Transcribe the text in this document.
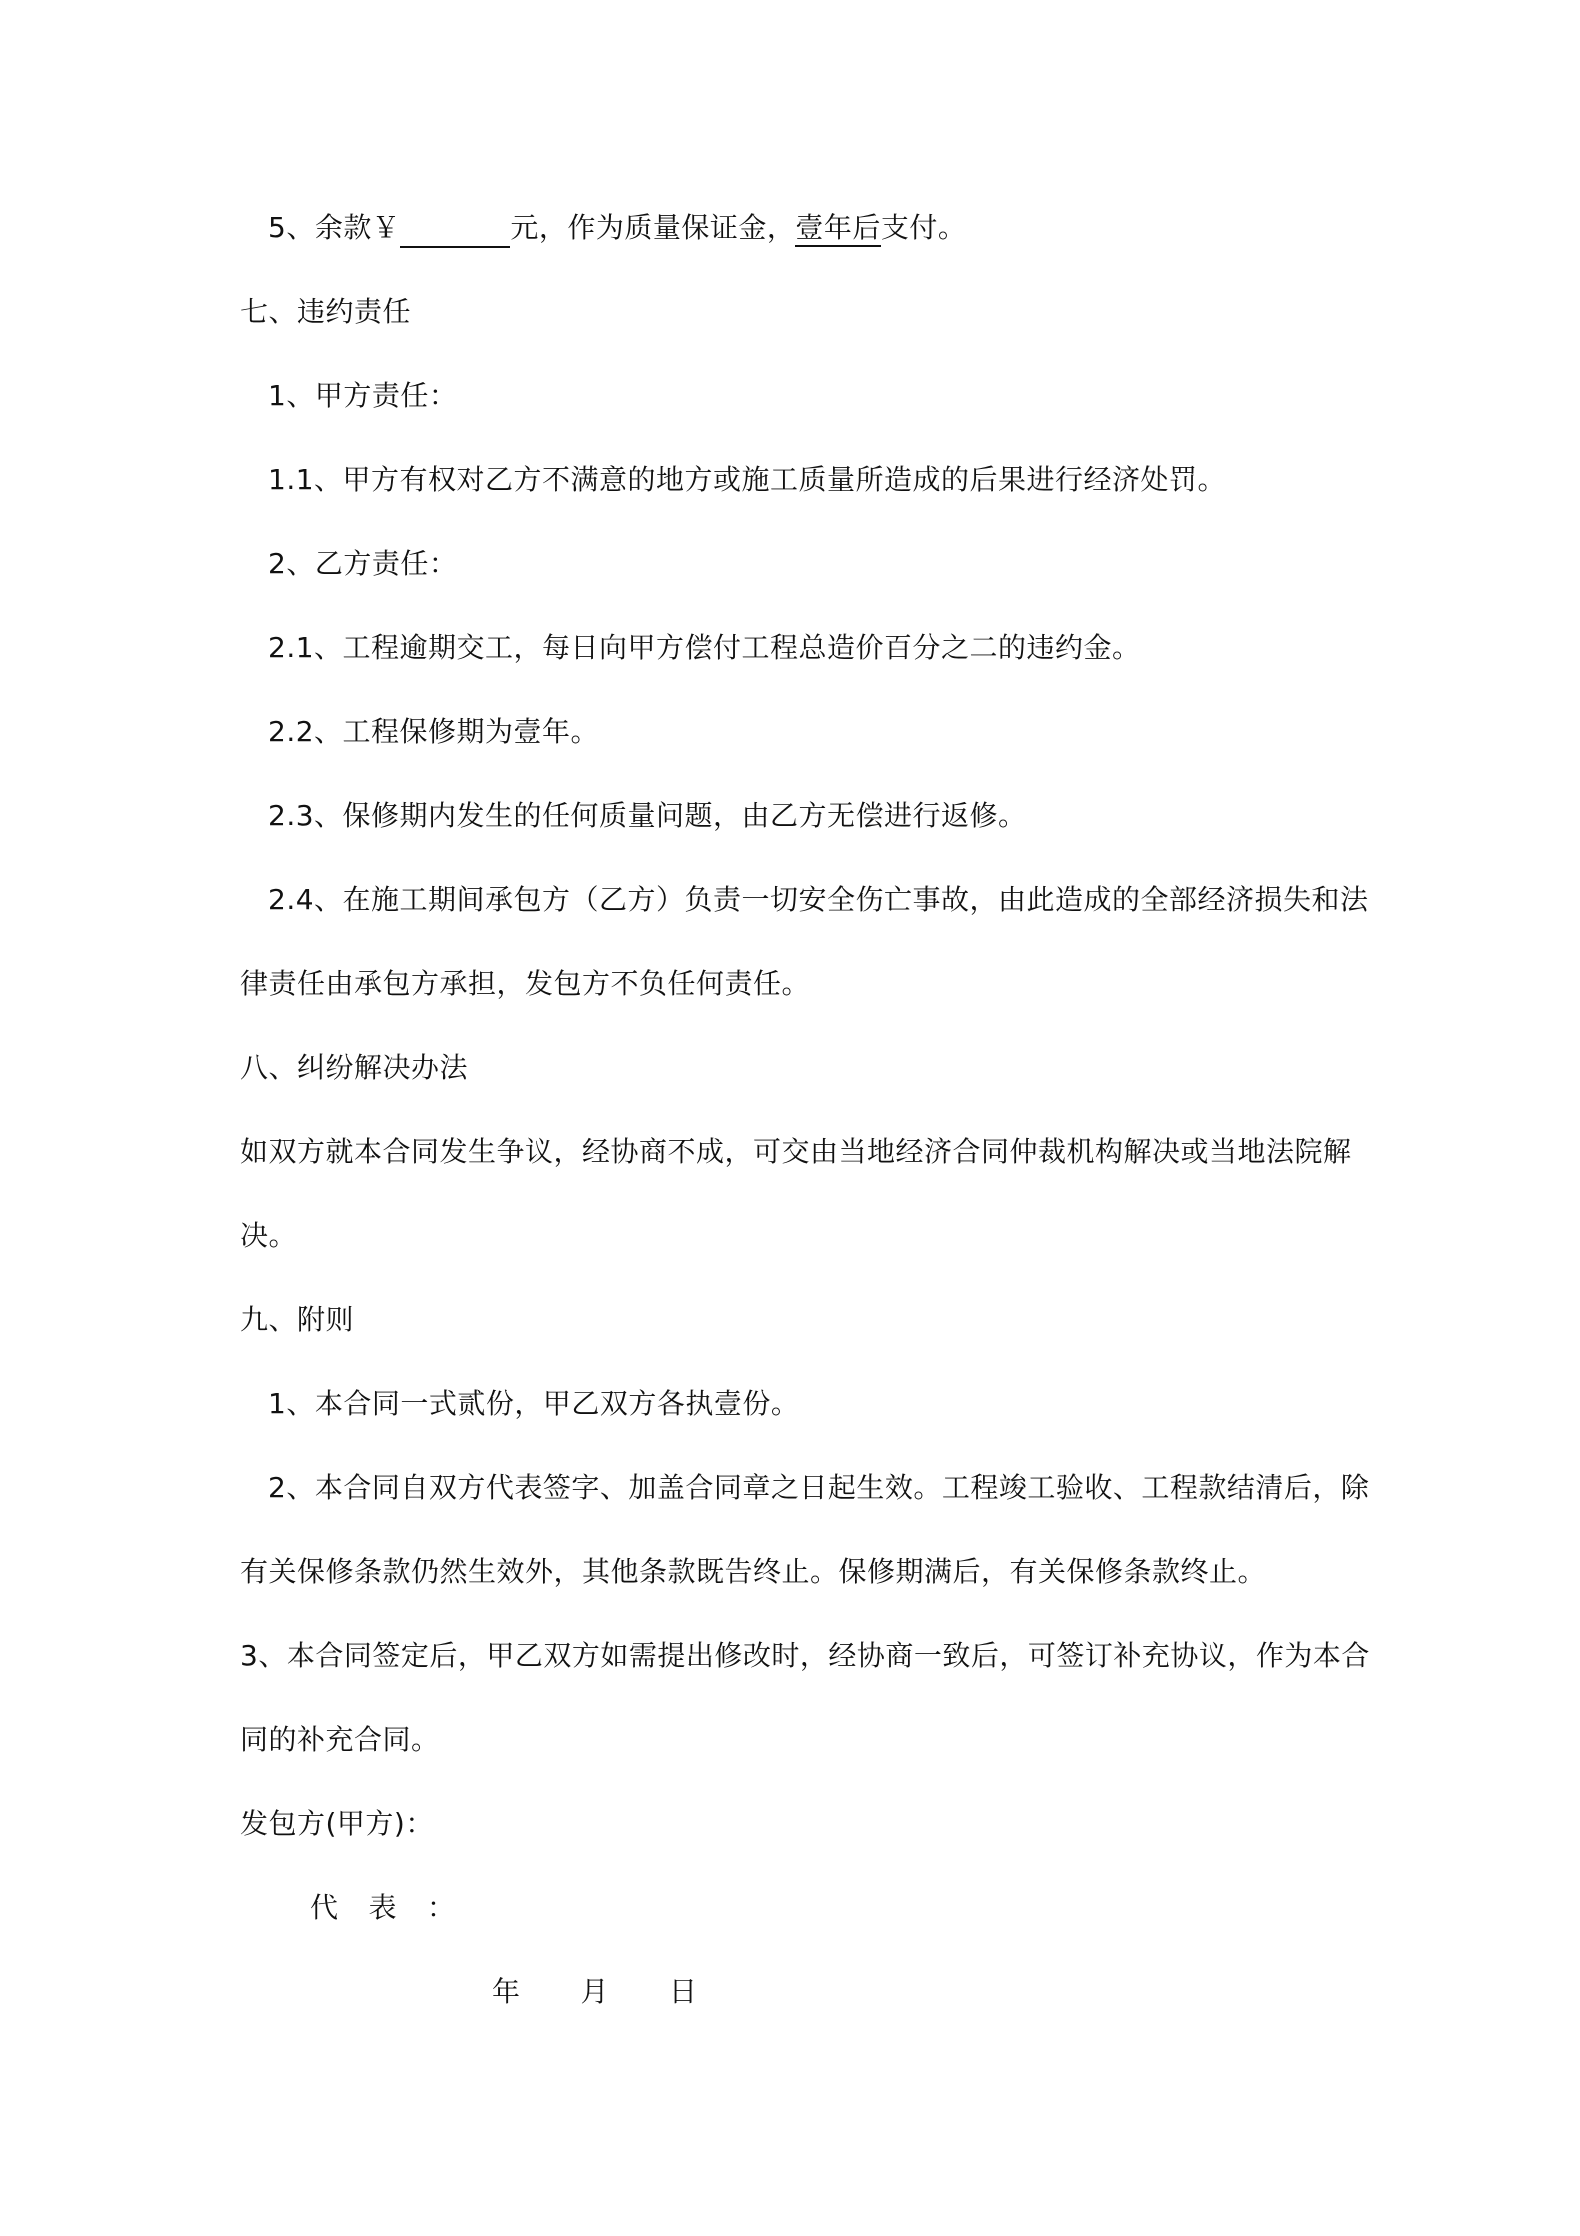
5、余款￥	元，作为质量保证金，壹年后支付。
七、违约责任
1、甲方责任：
1.1、甲方有权对乙方不满意的地方或施工质量所造成的后果进行经济处罚。
2、乙方责任：
2.1、工程逾期交工，每日向甲方偿付工程总造价百分之二的违约金。
2.2、工程保修期为壹年。
2.3、保修期内发生的任何质量问题，由乙方无偿进行返修。
2.4、在施工期间承包方（乙方）负责一切安全伤亡事故，由此造成的全部经济损失和法
律责任由承包方承担，发包方不负任何责任。
八、纠纷解决办法
如双方就本合同发生争议，经协商不成，可交由当地经济合同仲裁机构解决或当地法院解
决。
九、附则
1、本合同一式贰份，甲乙双方各执壹份。
2、本合同自双方代表签字、加盖合同章之日起生效。工程竣工验收、工程款结清后，除
有关保修条款仍然生效外，其他条款既告终止。保修期满后，有关保修条款终止。
3、本合同签定后，甲乙双方如需提出修改时，经协商一致后，可签订补充协议，作为本合
同的补充合同。
发包方(甲方)：
代 表 ：
年 月 日
